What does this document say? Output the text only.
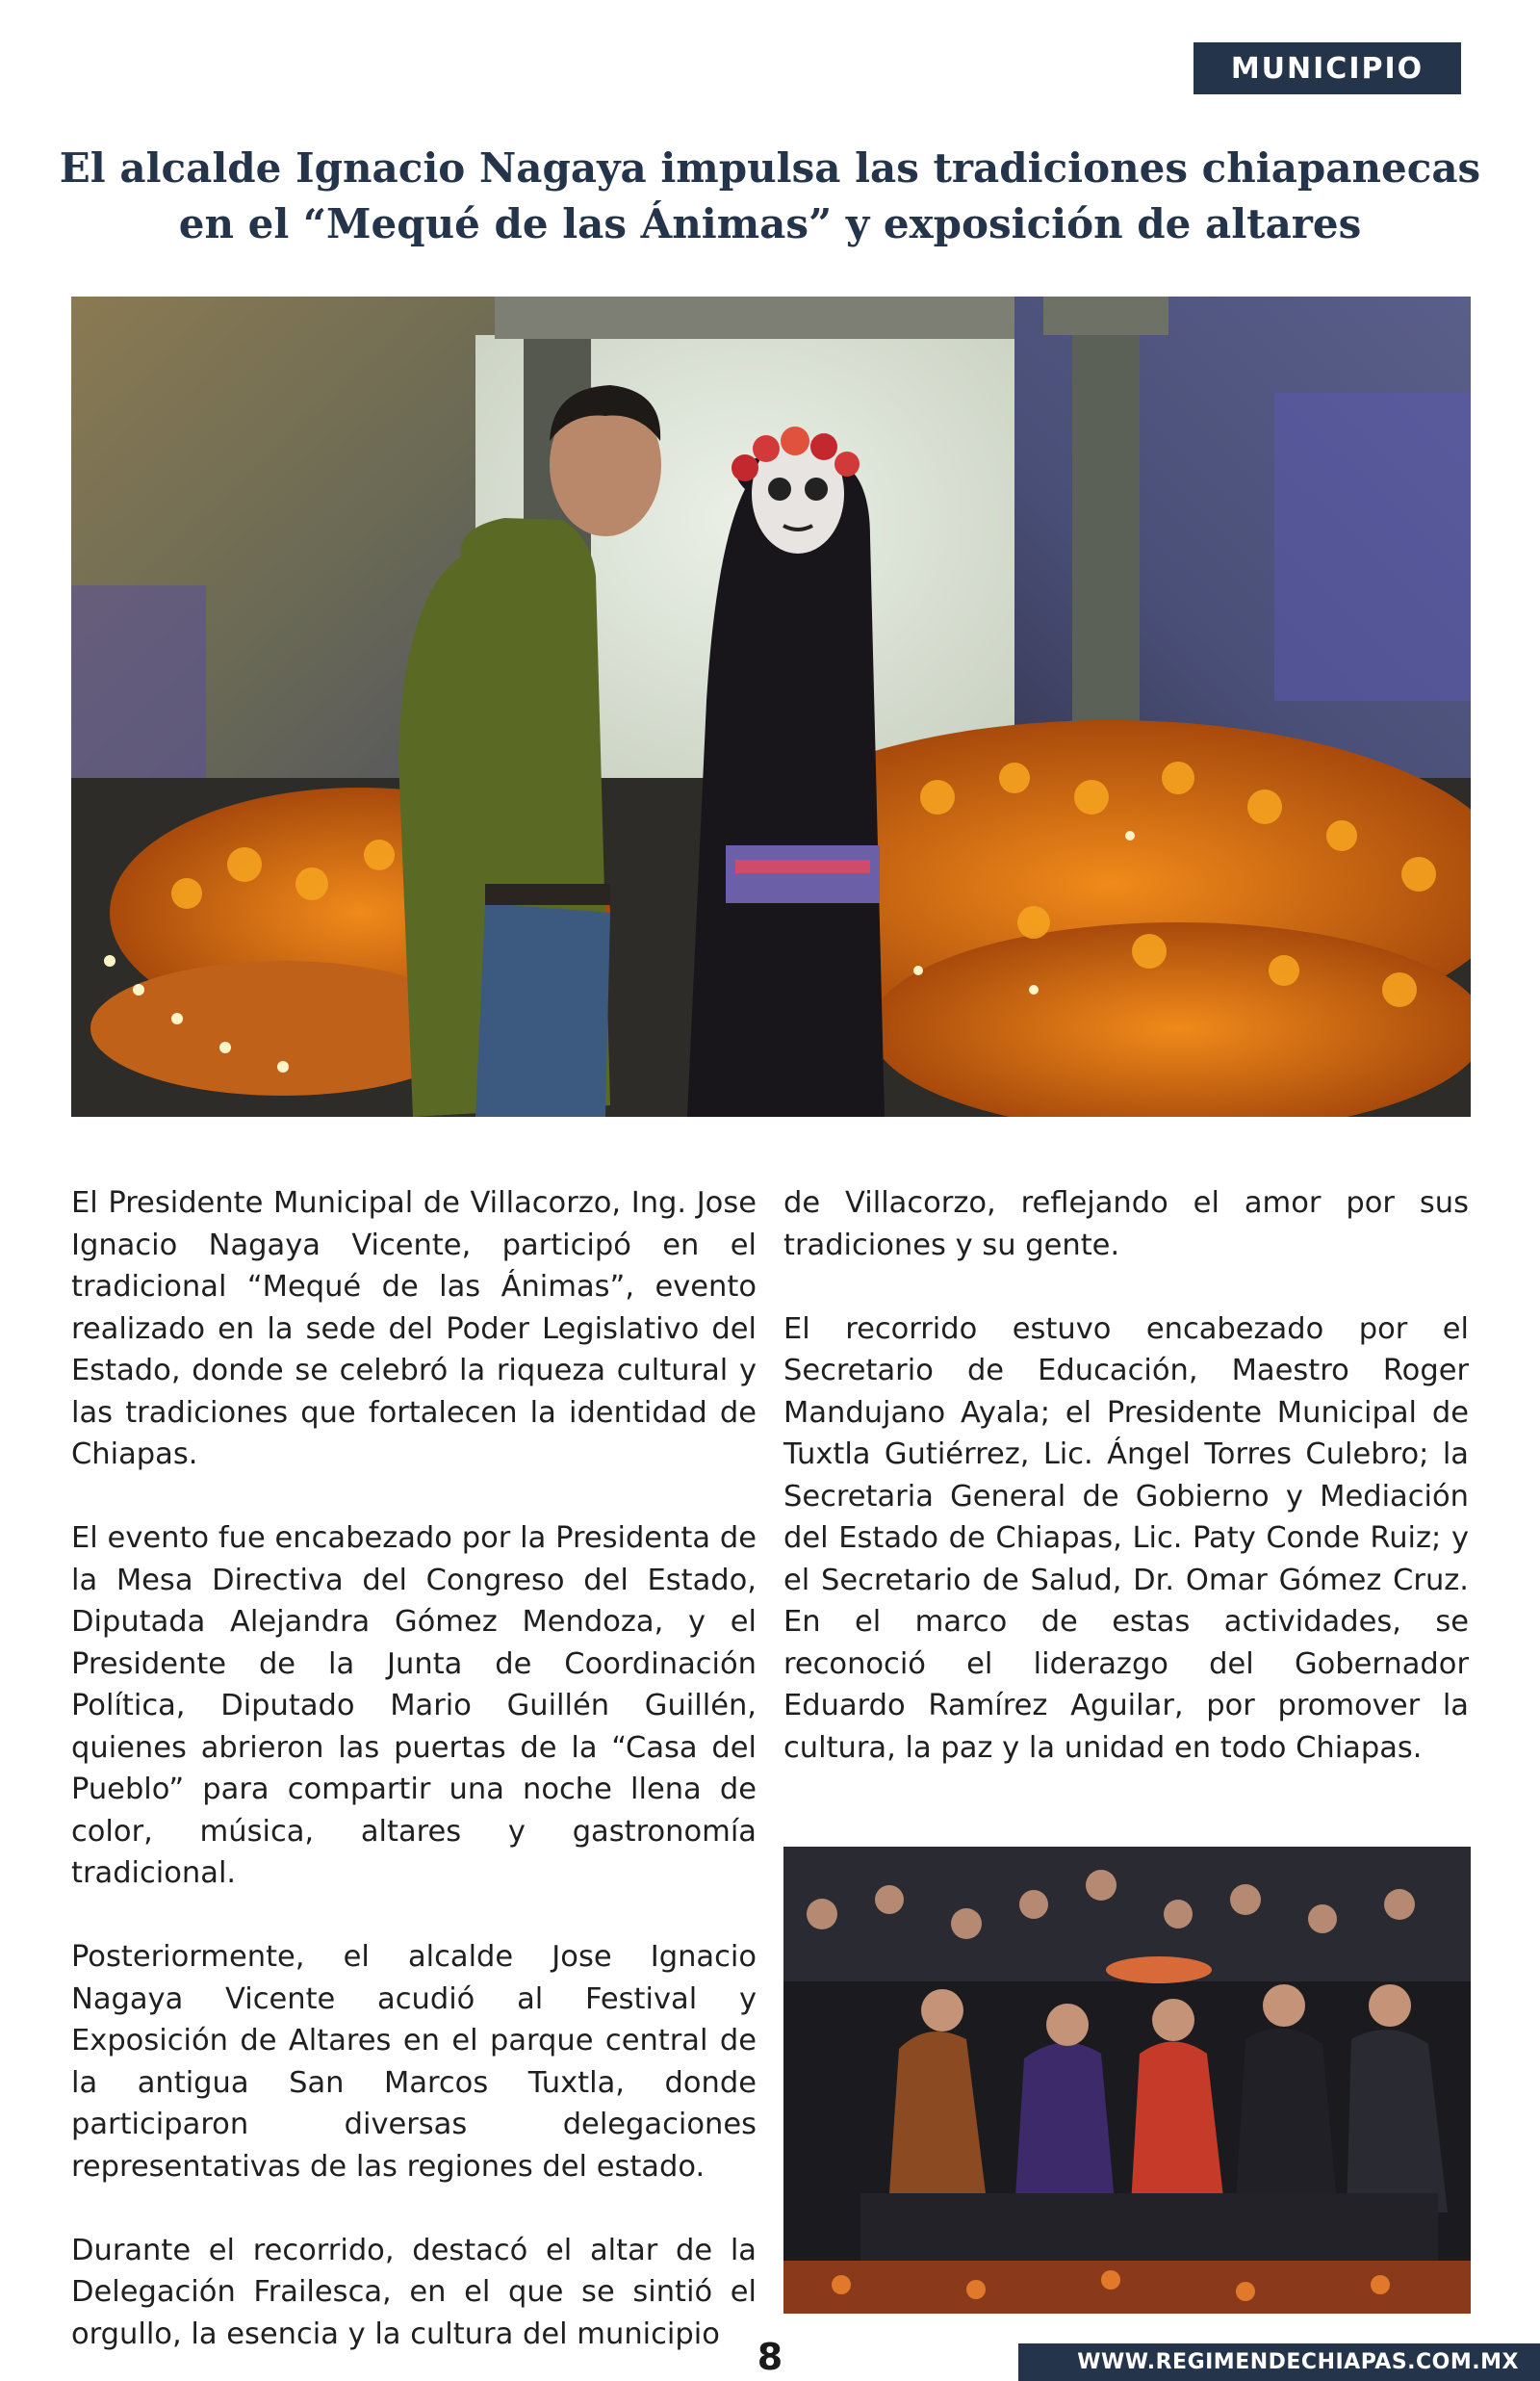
MUNICIPIO
El alcalde Ignacio Nagaya impulsa las tradiciones chiapanecas
en el “Mequé de las Ánimas” y exposición de altares

El Presidente Municipal de Villacorzo, Ing. Jose Ignacio Nagaya Vicente, participó en el tradicional “Mequé de las Ánimas”, evento realizado en la sede del Poder Legislativo del Estado, donde se celebró la riqueza cultural y las tradiciones que fortalecen la identidad de Chiapas.

El evento fue encabezado por la Presidenta de la Mesa Directiva del Congreso del Estado, Diputada Alejandra Gómez Mendoza, y el Presidente de la Junta de Coordinación Política, Diputado Mario Guillén Guillén, quienes abrieron las puertas de la “Casa del Pueblo” para compartir una noche llena de color, música, altares y gastronomía tradicional.

Posteriormente, el alcalde Jose Ignacio Nagaya Vicente acudió al Festival y Exposición de Altares en el parque central de la antigua San Marcos Tuxtla, donde participaron diversas delegaciones representativas de las regiones del estado.

Durante el recorrido, destacó el altar de la Delegación Frailesca, en el que se sintió el orgullo, la esencia y la cultura del municipio

de Villacorzo, reflejando el amor por sus tradiciones y su gente.

El recorrido estuvo encabezado por el Secretario de Educación, Maestro Roger Mandujano Ayala; el Presidente Municipal de Tuxtla Gutiérrez, Lic. Ángel Torres Culebro; la Secretaria General de Gobierno y Mediación del Estado de Chiapas, Lic. Paty Conde Ruiz; y el Secretario de Salud, Dr. Omar Gómez Cruz. En el marco de estas actividades, se reconoció el liderazgo del Gobernador Eduardo Ramírez Aguilar, por promover la cultura, la paz y la unidad en todo Chiapas.

8	WWW.REGIMENDECHIAPAS.COM.MX
